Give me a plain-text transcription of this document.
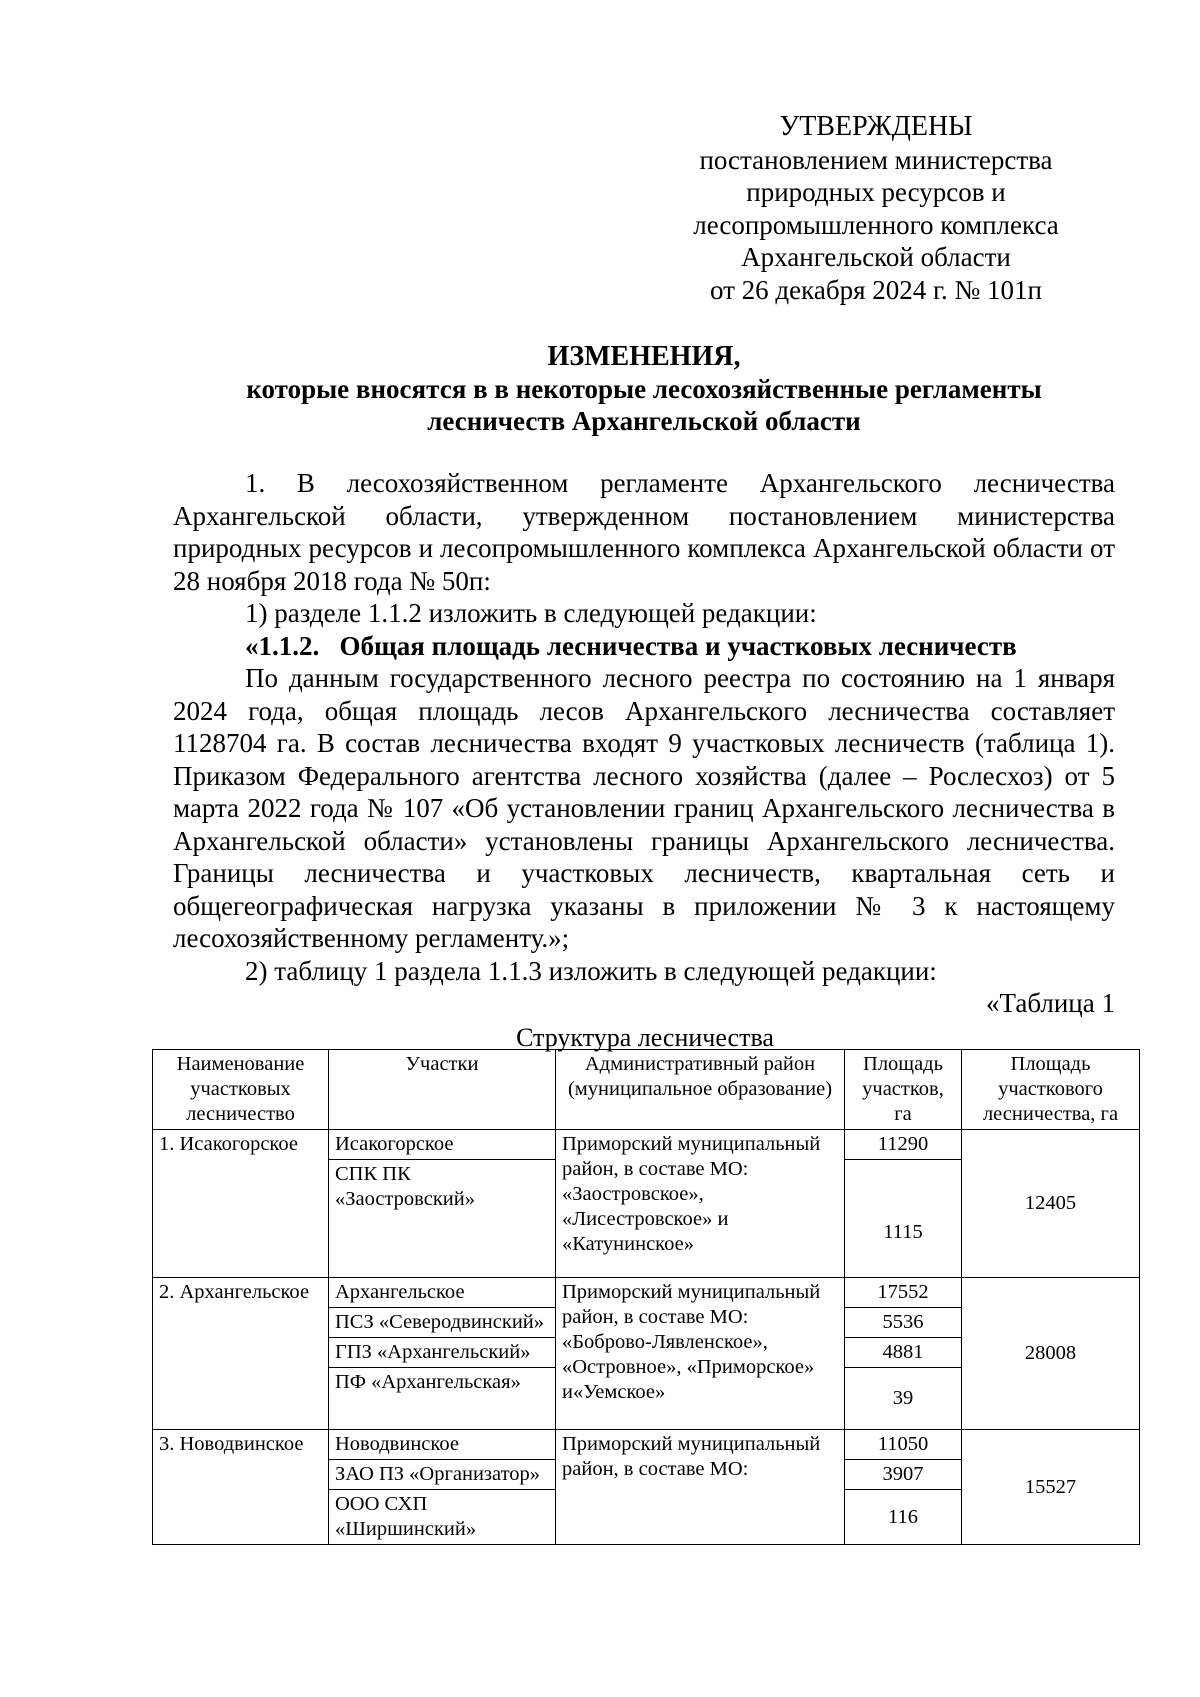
УТВЕРЖДЕНЫ
постановлением министерства
природных ресурсов и
лесопромышленного комплекса
Архангельской области
от 26 декабря 2024 г. № 101п
ИЗМЕНЕНИЯ,
которые вносятся в в некоторые лесохозяйственные регламенты
лесничеств Архангельской области

1. В лесохозяйственном регламенте Архангельского лесничества Архангельской области, утвержденном постановлением министерства природных ресурсов и лесопромышленного комплекса Архангельской области от 28 ноября 2018 года № 50п:

1) разделе 1.1.2 изложить в следующей редакции:

«1.1.2.   Общая площадь лесничества и участковых лесничеств

По данным государственного лесного реестра по состоянию на 1 января 2024 года, общая площадь лесов Архангельского лесничества составляет 1128704 га. В состав лесничества входят 9 участковых лесничеств (таблица 1). Приказом Федерального агентства лесного хозяйства (далее – Рослесхоз) от 5 марта 2022 года № 107 «Об установлении границ Архангельского лесничества в Архангельской области» установлены границы Архангельского лесничества. Границы лесничества и участковых лесничеств, квартальная сеть и общегеографическая нагрузка указаны в приложении № 3 к настоящему лесохозяйственному регламенту.»;

2) таблицу 1 раздела 1.1.3 изложить в следующей редакции:

«Таблица 1

Структура лесничества
Наименование участковых лесничество	Участки	Административный район (муниципальное образование)	Площадь участков, га	Площадь участкового лесничества, га
1. Исакогорское	Исакогорское	Приморский муниципальный район, в составе МО: «Заостровское», «Лисестровское» и «Катунинское»	11290	12405
	СПК ПК «Заостровский»		1115	
2. Архангельское	Архангельское	Приморский муниципальный район, в составе МО: «Боброво-Лявленское», «Островное», «Приморское» и«Уемское»	17552	28008
	ПСЗ «Северодвинский»		5536	
	ГПЗ «Архангельский»		4881	
	ПФ «Архангельская»		39	
3. Новодвинское	Новодвинское	Приморский муниципальный район, в составе МО:	11050	15527
	ЗАО ПЗ «Организатор»		3907	
	ООО СХП «Ширшинский»		116	
